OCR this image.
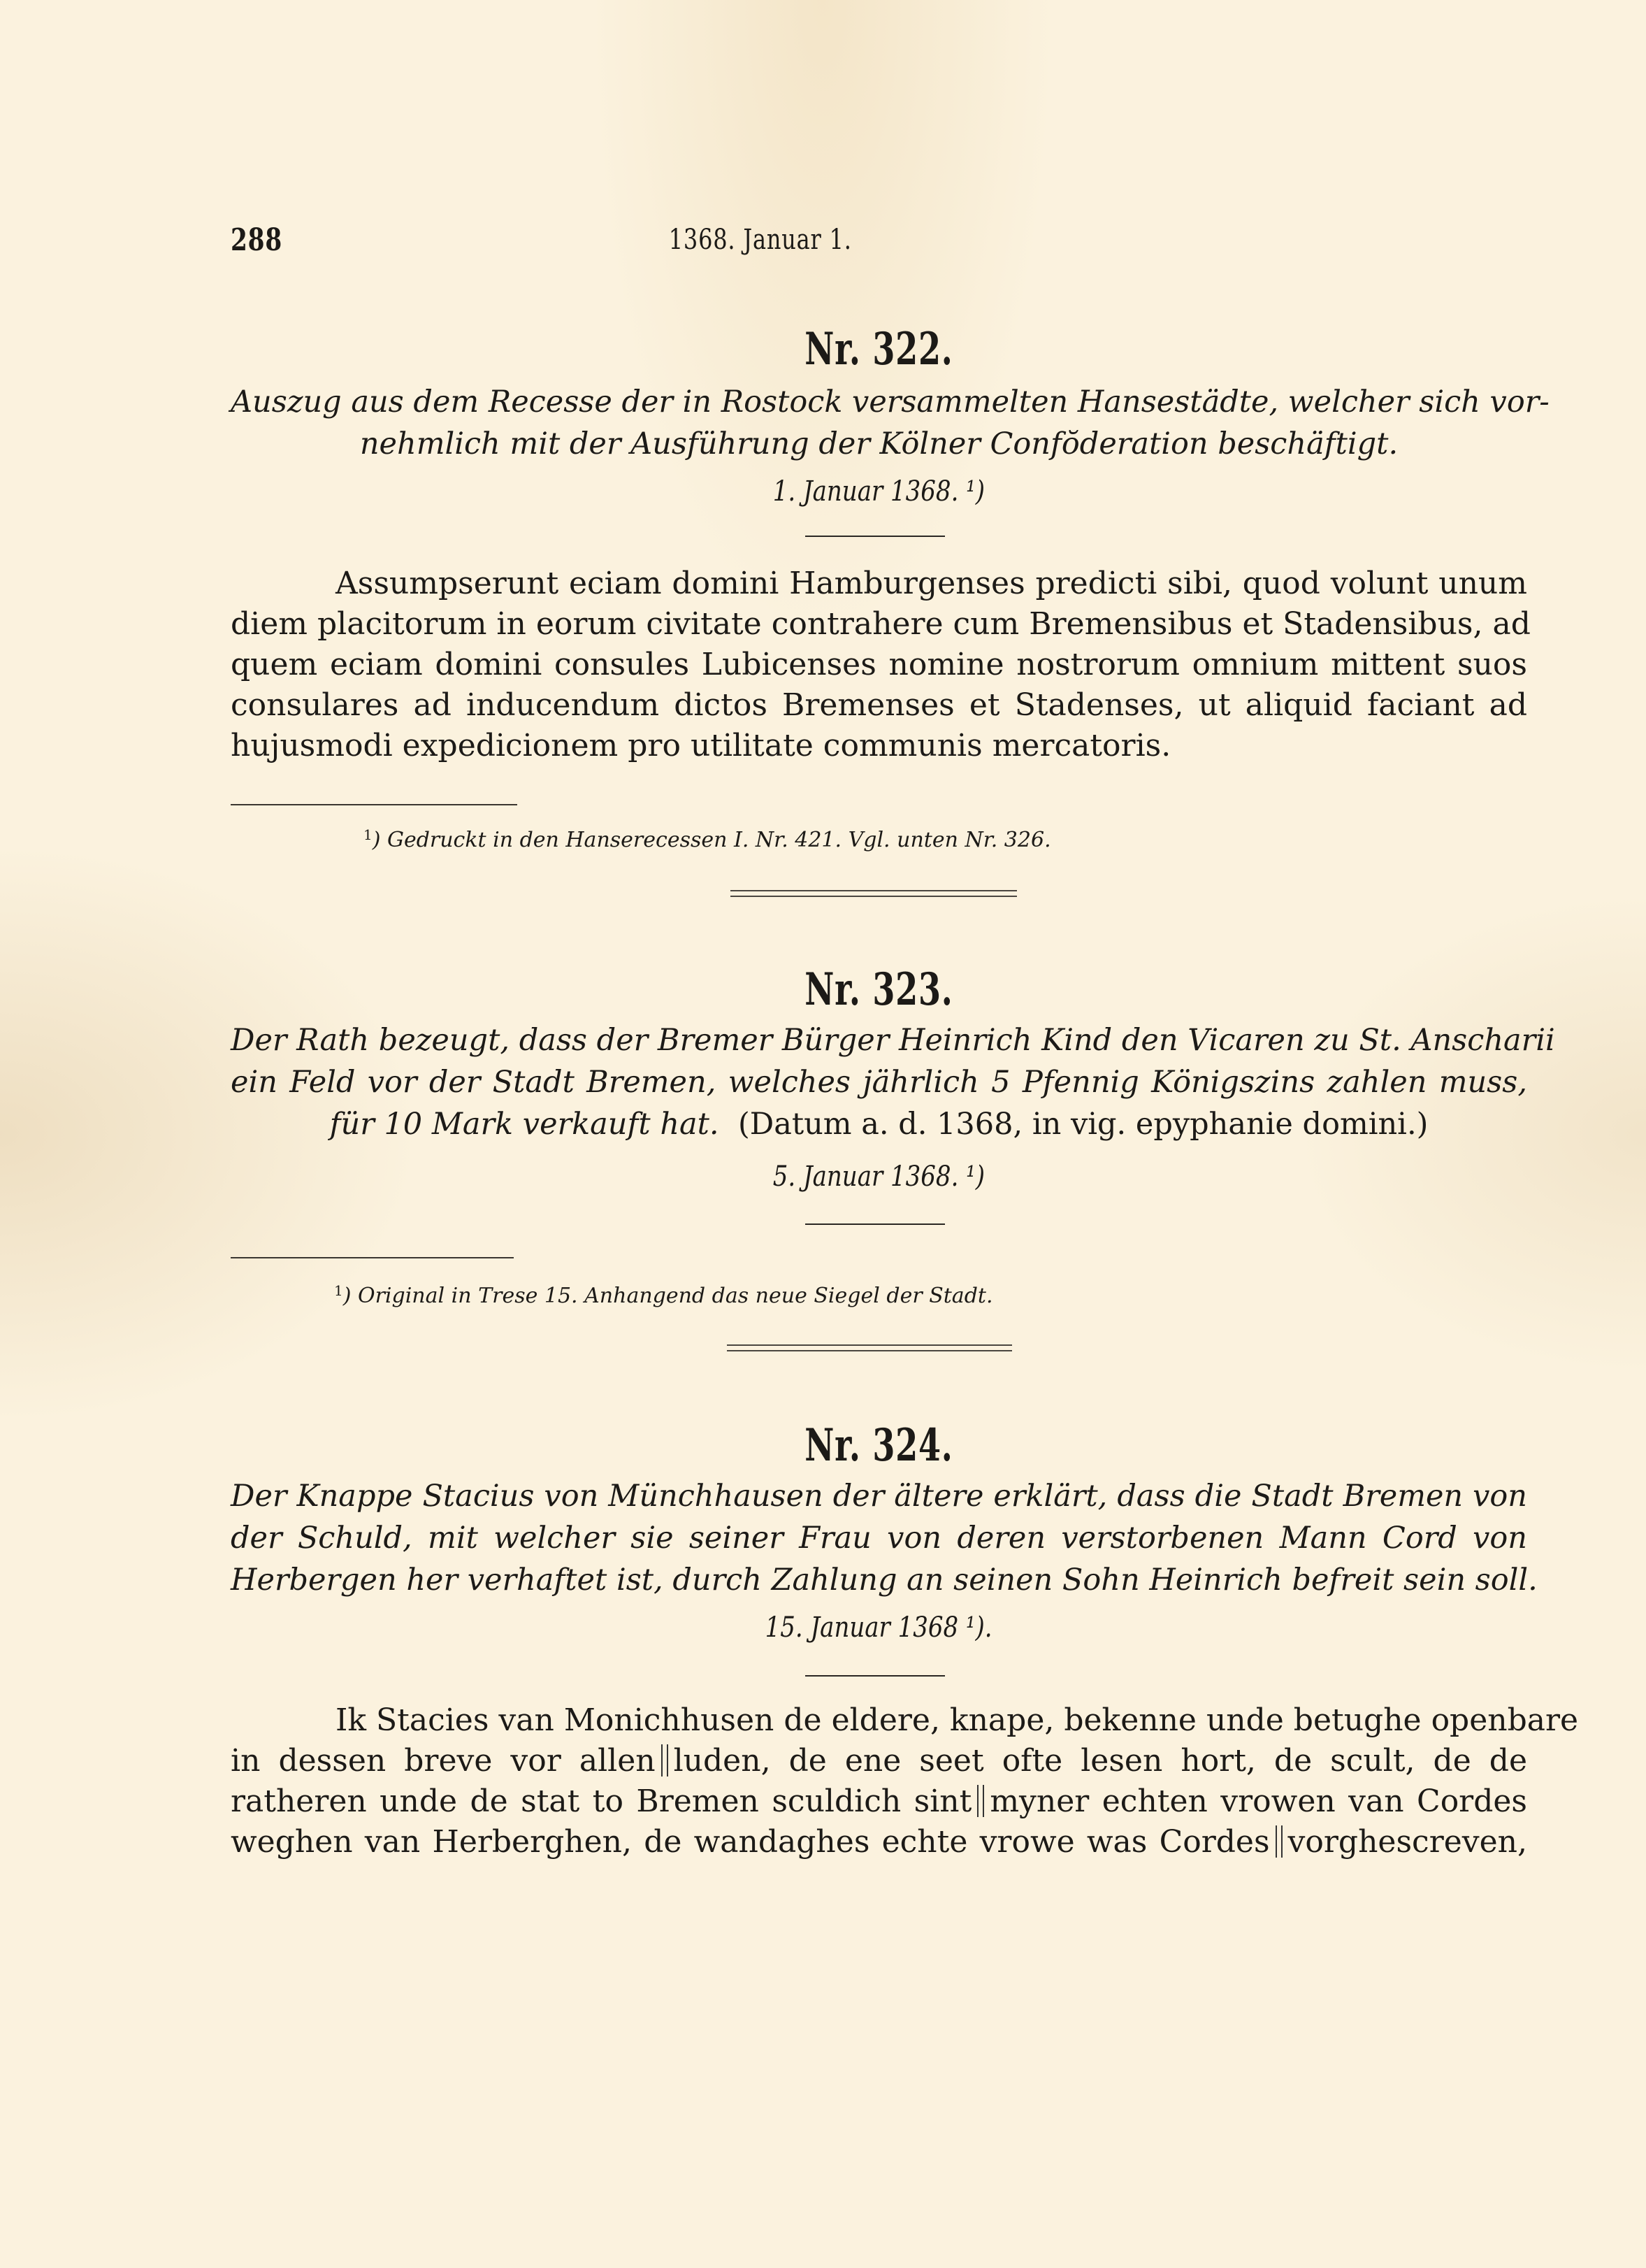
288	1368. Januar 1.
Nr. 322.
Auszug aus dem Recesse der in Rostock versammelten Hansestädte, welcher sich vor-
nehmlich mit der Ausführung der Kölner Confŏderation beschäftigt.
1. Januar 1368. ¹)
Assumpserunt eciam domini Hamburgenses predicti sibi, quod volunt unum
diem placitorum in eorum civitate contrahere cum Bremensibus et Stadensibus, ad
quem eciam domini consules Lubicenses nomine nostrorum omnium mittent suos
consulares ad inducendum dictos Bremenses et Stadenses, ut aliquid faciant ad
hujusmodi expedicionem pro utilitate communis mercatoris.
$^1$) Gedruckt in den Hanserecessen I. Nr. 421. Vgl. unten Nr. 326.
Nr. 323.
Der Rath bezeugt, dass der Bremer Bürger Heinrich Kind den Vicaren zu St. Anscharii
ein Feld vor der Stadt Bremen, welches jährlich 5 Pfennig Königszins zahlen muss,
für 10 Mark verkauft hat. (Datum a. d. 1368, in vig. epyphanie domini.)
5. Januar 1368. ¹)
$^1$) Original in Trese 15. Anhangend das neue Siegel der Stadt.
Nr. 324.
Der Knappe Stacius von Münchhausen der ältere erklärt, dass die Stadt Bremen von
der Schuld, mit welcher sie seiner Frau von deren verstorbenen Mann Cord von
Herbergen her verhaftet ist, durch Zahlung an seinen Sohn Heinrich befreit sein soll.
15. Januar 1368 ¹).
Ik Stacies van Monichhusen de eldere, knape, bekenne unde betughe openbare
in dessen breve vor allen luden, de ene seet ofte lesen hort, de scult, de de
ratheren unde de stat to Bremen sculdich sint myner echten vrowen van Cordes
weghen van Herberghen, de wandaghes echte vrowe was Cordes vorghescreven,
